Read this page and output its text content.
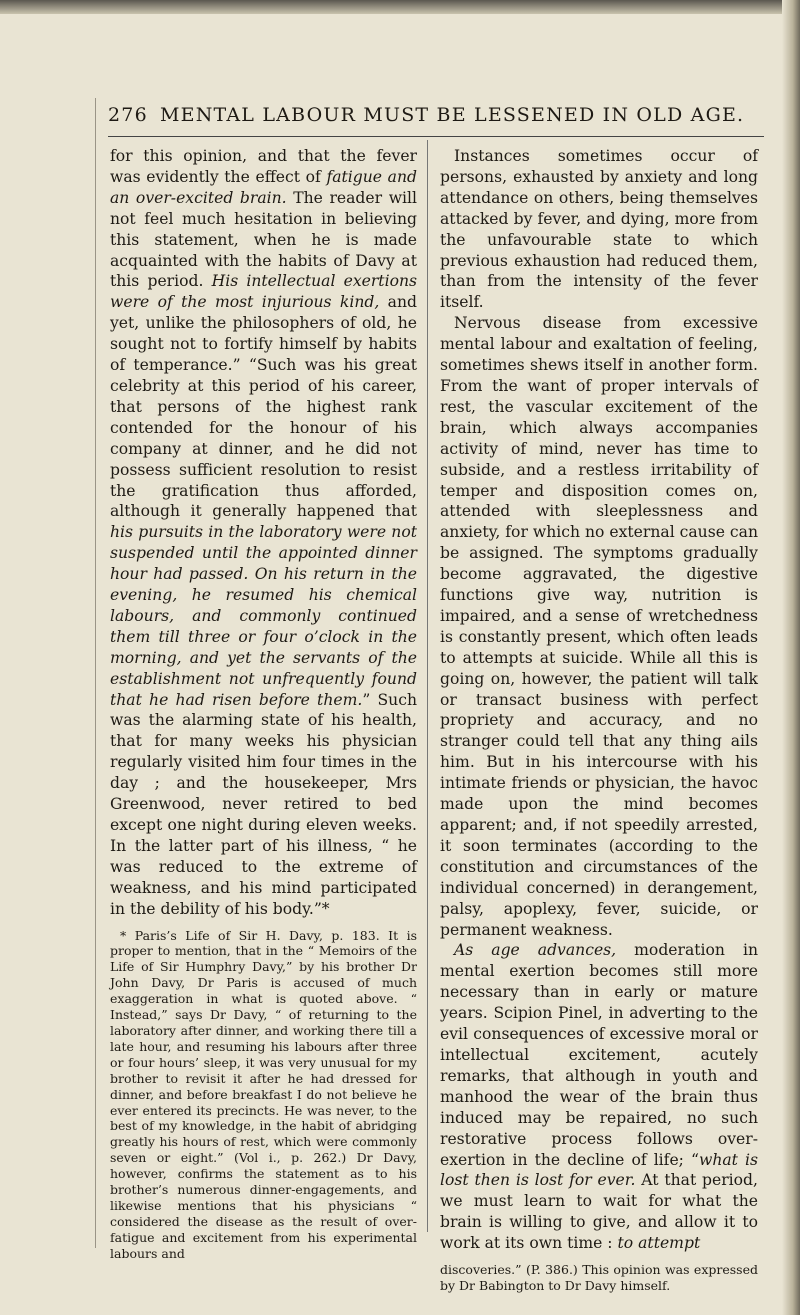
276 MENTAL LABOUR MUST BE LESSENED IN OLD AGE.

for this opinion, and that the fever was evidently the effect of fatigue and an over-excited brain. The reader will not feel much hesitation in believing this statement, when he is made acquainted with the habits of Davy at this period. His intellectual exertions were of the most injurious kind, and yet, unlike the philosophers of old, he sought not to fortify himself by habits of temperance.” “Such was his great celebrity at this period of his career, that persons of the highest rank contended for the honour of his company at dinner, and he did not possess sufficient resolution to resist the gratification thus afforded, although it generally happened that his pursuits in the laboratory were not suspended until the appointed dinner hour had passed. On his return in the evening, he resumed his chemical labours, and commonly continued them till three or four o’clock in the morning, and yet the servants of the establishment not unfrequently found that he had risen before them.” Such was the alarming state of his health, that for many weeks his physician regularly visited him four times in the day ; and the housekeeper, Mrs Greenwood, never retired to bed except one night during eleven weeks. In the latter part of his illness, “ he was reduced to the extreme of weakness, and his mind participated in the debility of his body.”*

* Paris’s Life of Sir H. Davy, p. 183. It is proper to mention, that in the “ Memoirs of the Life of Sir Humphry Davy,” by his brother Dr John Davy, Dr Paris is accused of much exaggeration in what is quoted above. “ Instead,” says Dr Davy, “ of returning to the laboratory after dinner, and working there till a late hour, and resuming his labours after three or four hours’ sleep, it was very unusual for my brother to revisit it after he had dressed for dinner, and before breakfast I do not believe he ever entered its precincts. He was never, to the best of my knowledge, in the habit of abridging greatly his hours of rest, which were commonly seven or eight.” (Vol i., p. 262.) Dr Davy, however, confirms the statement as to his brother’s numerous dinner-engagements, and likewise mentions that his physicians “ considered the disease as the result of over-fatigue and excitement from his experimental labours and

Instances sometimes occur of persons, exhausted by anxiety and long attendance on others, being themselves attacked by fever, and dying, more from the unfavourable state to which previous exhaustion had reduced them, than from the intensity of the fever itself.

Nervous disease from excessive mental labour and exaltation of feeling, sometimes shews itself in another form. From the want of proper intervals of rest, the vascular excitement of the brain, which always accompanies activity of mind, never has time to subside, and a restless irritability of temper and disposition comes on, attended with sleeplessness and anxiety, for which no external cause can be assigned. The symptoms gradually become aggravated, the digestive functions give way, nutrition is impaired, and a sense of wretchedness is constantly present, which often leads to attempts at suicide. While all this is going on, however, the patient will talk or transact business with perfect propriety and accuracy, and no stranger could tell that any thing ails him. But in his intercourse with his intimate friends or physician, the havoc made upon the mind becomes apparent; and, if not speedily arrested, it soon terminates (according to the constitution and circumstances of the individual concerned) in derangement, palsy, apoplexy, fever, suicide, or permanent weakness.

As age advances, moderation in mental exertion becomes still more necessary than in early or mature years. Scipion Pinel, in adverting to the evil consequences of excessive moral or intellectual excitement, acutely remarks, that although in youth and manhood the wear of the brain thus induced may be repaired, no such restorative process follows over-exertion in the decline of life; “what is lost then is lost for ever. At that period, we must learn to wait for what the brain is willing to give, and allow it to work at its own time : to attempt

discoveries.” (P. 386.) This opinion was expressed by Dr Babington to Dr Davy himself.
